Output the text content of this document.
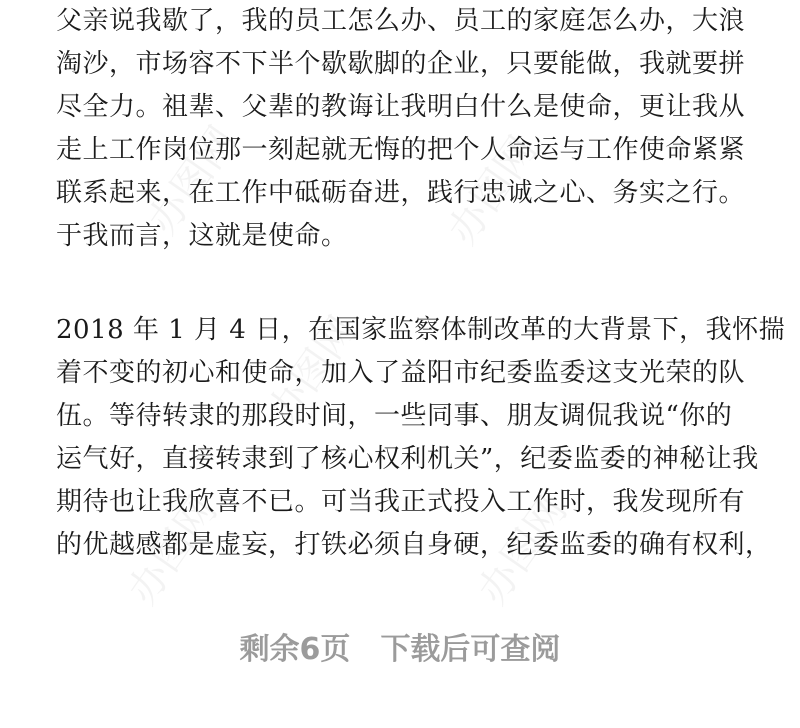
办图网	办图网
办图网
办图网	办图网

父亲说我歇了，我的员工怎么办、员工的家庭怎么办，大浪
淘沙，市场容不下半个歇歇脚的企业，只要能做，我就要拼
尽全力。祖辈、父辈的教诲让我明白什么是使命，更让我从
走上工作岗位那一刻起就无悔的把个人命运与工作使命紧紧
联系起来，在工作中砥砺奋进，践行忠诚之心、务实之行。
于我而言，这就是使命。

2018 年 1 月 4 日，在国家监察体制改革的大背景下，我怀揣
着不变的初心和使命，加入了益阳市纪委监委这支光荣的队
伍。等待转隶的那段时间，一些同事、朋友调侃我说“你的
运气好，直接转隶到了核心权利机关”，纪委监委的神秘让我
期待也让我欣喜不已。可当我正式投入工作时，我发现所有
的优越感都是虚妄，打铁必须自身硬，纪委监委的确有权利，

剩余6页 下载后可查阅
